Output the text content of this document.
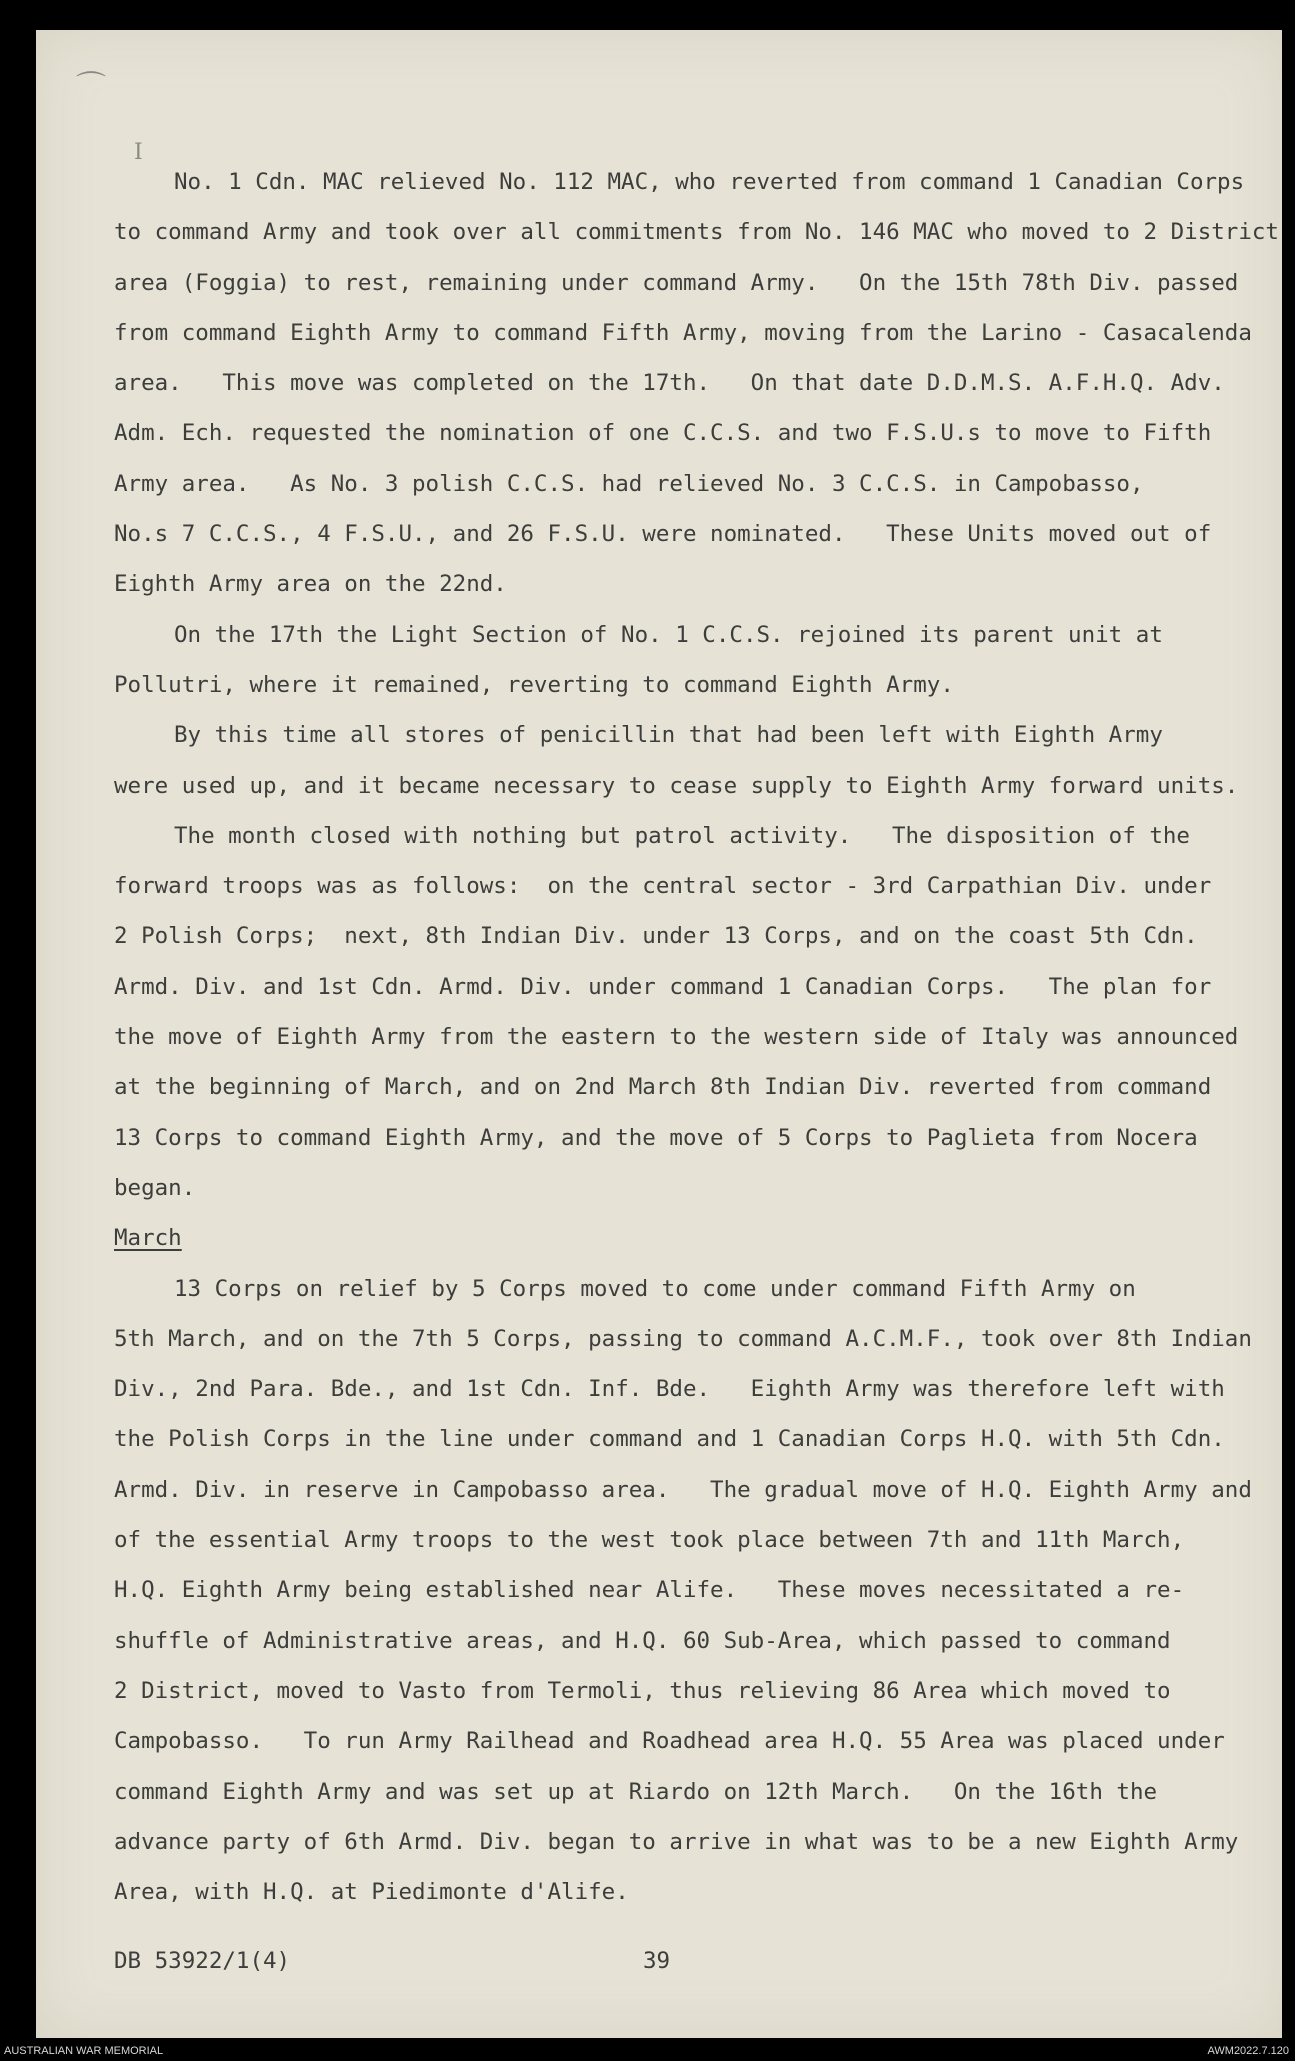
⌒
I
No. 1 Cdn. MAC relieved No. 112 MAC, who reverted from command 1 Canadian Corps
to command Army and took over all commitments from No. 146 MAC who moved to 2 District
area (Foggia) to rest, remaining under command Army.   On the 15th 78th Div. passed
from command Eighth Army to command Fifth Army, moving from the Larino - Casacalenda
area.   This move was completed on the 17th.   On that date D.D.M.S. A.F.H.Q. Adv.
Adm. Ech. requested the nomination of one C.C.S. and two F.S.U.s to move to Fifth
Army area.   As No. 3 polish C.C.S. had relieved No. 3 C.C.S. in Campobasso,
No.s 7 C.C.S., 4 F.S.U., and 26 F.S.U. were nominated.   These Units moved out of
Eighth Army area on the 22nd.
On the 17th the Light Section of No. 1 C.C.S. rejoined its parent unit at
Pollutri, where it remained, reverting to command Eighth Army.
By this time all stores of penicillin that had been left with Eighth Army
were used up, and it became necessary to cease supply to Eighth Army forward units.
The month closed with nothing but patrol activity.   The disposition of the
forward troops was as follows:  on the central sector - 3rd Carpathian Div. under
2 Polish Corps;  next, 8th Indian Div. under 13 Corps, and on the coast 5th Cdn.
Armd. Div. and 1st Cdn. Armd. Div. under command 1 Canadian Corps.   The plan for
the move of Eighth Army from the eastern to the western side of Italy was announced
at the beginning of March, and on 2nd March 8th Indian Div. reverted from command
13 Corps to command Eighth Army, and the move of 5 Corps to Paglieta from Nocera
began.
March
13 Corps on relief by 5 Corps moved to come under command Fifth Army on
5th March, and on the 7th 5 Corps, passing to command A.C.M.F., took over 8th Indian
Div., 2nd Para. Bde., and 1st Cdn. Inf. Bde.   Eighth Army was therefore left with
the Polish Corps in the line under command and 1 Canadian Corps H.Q. with 5th Cdn.
Armd. Div. in reserve in Campobasso area.   The gradual move of H.Q. Eighth Army and
of the essential Army troops to the west took place between 7th and 11th March,
H.Q. Eighth Army being established near Alife.   These moves necessitated a re-
shuffle of Administrative areas, and H.Q. 60 Sub-Area, which passed to command
2 District, moved to Vasto from Termoli, thus relieving 86 Area which moved to
Campobasso.   To run Army Railhead and Roadhead area H.Q. 55 Area was placed under
command Eighth Army and was set up at Riardo on 12th March.   On the 16th the
advance party of 6th Armd. Div. began to arrive in what was to be a new Eighth Army
Area, with H.Q. at Piedimonte d'Alife.
DB 53922/1(4)	39
AUSTRALIAN WAR MEMORIAL	AWM2022.7.120
